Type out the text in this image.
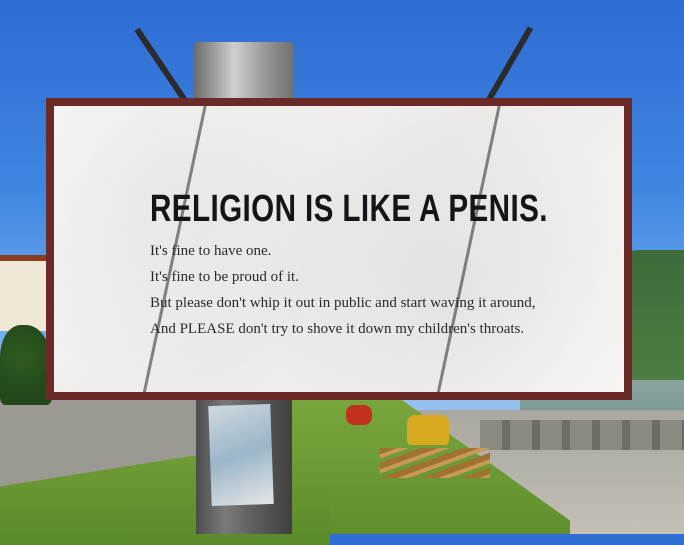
RELIGION IS LIKE A PENIS.
It's fine to have one.
It's fine to be proud of it.
But please don't whip it out in public and start waving it around,
And PLEASE don't try to shove it down my children's throats.
